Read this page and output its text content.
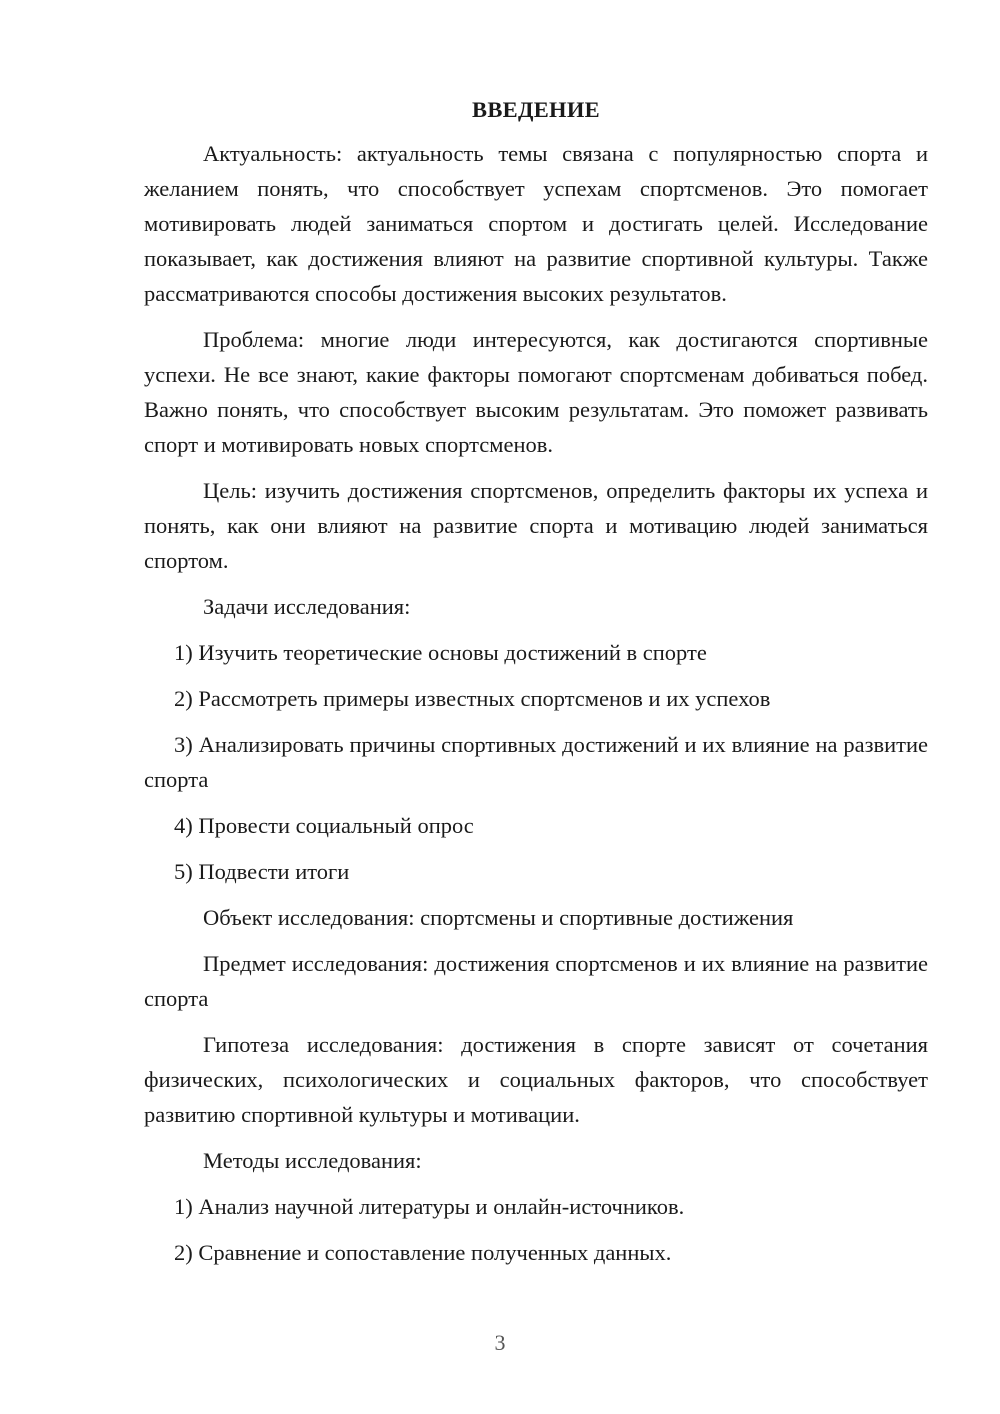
ВВЕДЕНИЕ

Актуальность: актуальность темы связана с популярностью спорта и желанием понять, что способствует успехам спортсменов. Это помогает мотивировать людей заниматься спортом и достигать целей. Исследование показывает, как достижения влияют на развитие спортивной культуры. Также рассматриваются способы достижения высоких результатов.

Проблема: многие люди интересуются, как достигаются спортивные успехи. Не все знают, какие факторы помогают спортсменам добиваться побед. Важно понять, что способствует высоким результатам. Это поможет развивать спорт и мотивировать новых спортсменов.

Цель: изучить достижения спортсменов, определить факторы их успеха и понять, как они влияют на развитие спорта и мотивацию людей заниматься спортом.

Задачи исследования:

1) Изучить теоретические основы достижений в спорте

2) Рассмотреть примеры известных спортсменов и их успехов

3) Анализировать причины спортивных достижений и их влияние на развитие спорта

4) Провести социальный опрос

5) Подвести итоги

Объект исследования: спортсмены и спортивные достижения

Предмет исследования: достижения спортсменов и их влияние на развитие спорта

Гипотеза исследования: достижения в спорте зависят от сочетания физических, психологических и социальных факторов, что способствует развитию спортивной культуры и мотивации.

Методы исследования:

1) Анализ научной литературы и онлайн-источников.

2) Сравнение и сопоставление полученных данных.

3
